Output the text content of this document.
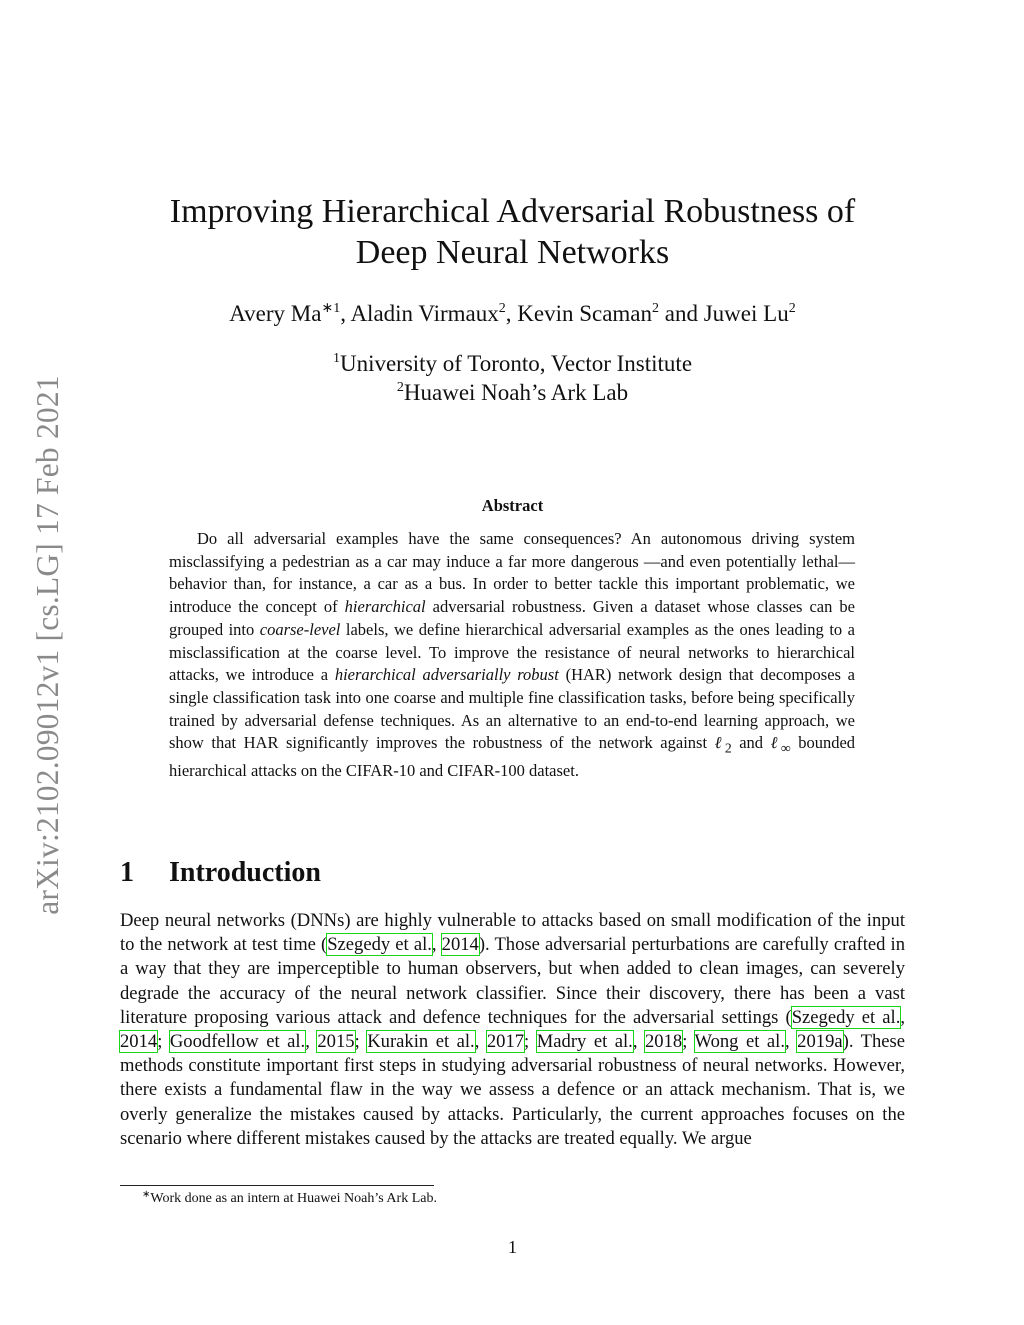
arXiv:2102.09012v1 [cs.LG] 17 Feb 2021
Improving Hierarchical Adversarial Robustness of
Deep Neural Networks
Avery $Ma^{∗1}$, Aladin Virmaux$^2$, Kevin Scaman$^2$ and Juwei Lu$^2$
$^1$University of Toronto, Vector Institute
$^2$Huawei Noah’s Ark Lab
Abstract

Do all adversarial examples have the same consequences? An autonomous driving system misclassifying a pedestrian as a car may induce a far more dangerous —and even potentially lethal—behavior than, for instance, a car as a bus. In order to better tackle this important problematic, we introduce the concept of hierarchical adversarial robustness. Given a dataset whose classes can be grouped into coarse-level labels, we define hierarchical adversarial examples as the ones leading to a misclassification at the coarse level. To improve the resistance of neural networks to hierarchical attacks, we introduce a hierarchical adversarially robust (HAR) network design that decomposes a single classification task into one coarse and multiple fine classification tasks, before being specifically trained by adversarial defense techniques. As an alternative to an end-to-end learning approach, we show that HAR significantly improves the robustness of the network against ℓ$_2$ and ℓ$_\infty$ bounded hierarchical attacks on the CIFAR-10 and CIFAR-100 dataset.

1 Introduction

Deep neural networks (DNNs) are highly vulnerable to attacks based on small modification of the input to the network at test time (Szegedy et al., 2014). Those adversarial perturbations are carefully crafted in a way that they are imperceptible to human observers, but when added to clean images, can severely degrade the accuracy of the neural network classifier. Since their discovery, there has been a vast literature proposing various attack and defence techniques for the adversarial settings (Szegedy et al., 2014; Goodfellow et al., 2015; Kurakin et al., 2017; Madry et al., 2018; Wong et al., 2019a). These methods constitute important first steps in studying adversarial robustness of neural networks. However, there exists a fundamental flaw in the way we assess a defence or an attack mechanism. That is, we overly generalize the mistakes caused by attacks. Particularly, the current approaches focuses on the scenario where different mistakes caused by the attacks are treated equally. We argue

∗Work done as an intern at Huawei Noah’s Ark Lab.
1
